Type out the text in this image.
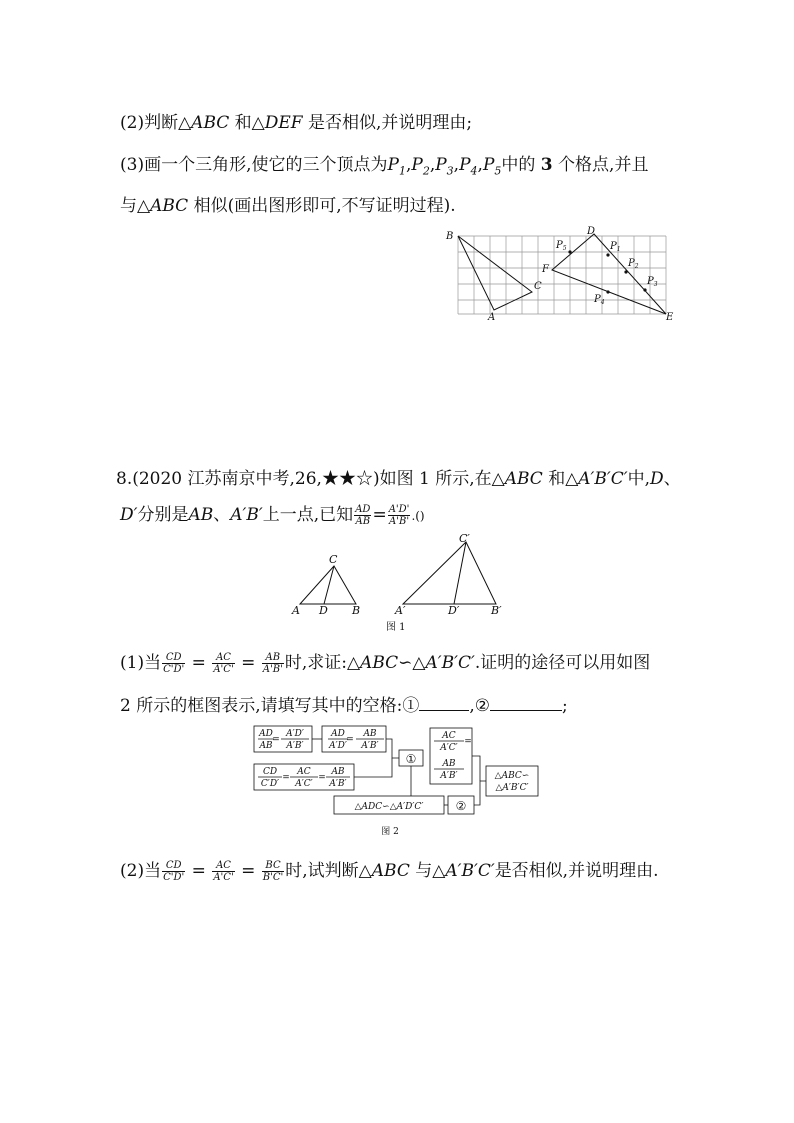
(2)判断△ABC 和△DEF 是否相似,并说明理由;
(3)画一个三角形,使它的三个顶点为$P_1,P_2,P_3,P_4,P_5$中的 3 个格点,并且
与△ABC 相似(画出图形即可,不写证明过程).
B
C
A
D
E
F
$P_5$	$P_1$
$P_2$
$P_3$
$P_4$
8.(2020 江苏南京中考,26,★★☆)如图 1 所示,在△ABC 和△A′B′C′中,D、
D′分别是AB、A′B′上一点,已知 $\frac{AD}{AB} = \frac{A'D'}{A'B'}$ .()
C
A D B
C′
A′	D′	B′
图 1
(1)当 $\frac{CD}{C'D'} = \frac{AC}{A'C'} = \frac{AB}{A'B'}$ 时,求证:△ABC∽△A′B′C′.证明的途径可以用如图
2 所示的框图表示,请填写其中的空格:①	,②	;
AD
AB
A′D′
A′B′
AD
A′D′
AB
A′B′
CD
C′D′
AC
A′C′
AB
A′B′
AC
A′C′
AB
A′B′	△ABC∽
△A′B′C′
△ADC∽△A′D′C′
=	=
=	=
=
①
②
图 2
(2)当 $\frac{CD}{C'D'} = \frac{AC}{A'C'} = \frac{BC}{B'C'}$ 时,试判断△ABC 与△A′B′C′是否相似,并说明理由.
